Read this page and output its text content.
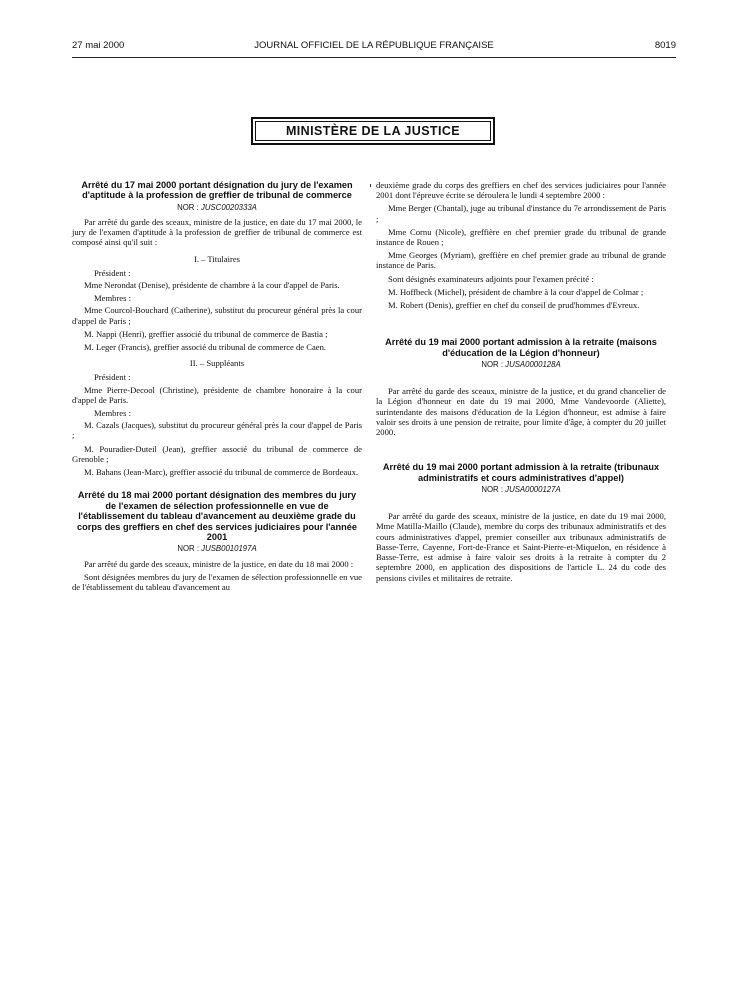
27 mai 2000	JOURNAL OFFICIEL DE LA RÉPUBLIQUE FRANÇAISE	8019
MINISTÈRE DE LA JUSTICE
Arrêté du 17 mai 2000 portant désignation du jury de l'examen d'aptitude à la profession de greffier de tribunal de commerce
NOR : JUSC0020333A

Par arrêté du garde des sceaux, ministre de la justice, en date du 17 mai 2000, le jury de l'examen d'aptitude à la profession de greffier de tribunal de commerce est composé ainsi qu'il suit :

I. – Titulaires

Président :

Mme Nerondat (Denise), présidente de chambre à la cour d'appel de Paris.

Membres :

Mme Courcol-Bouchard (Catherine), substitut du procureur général près la cour d'appel de Paris ;

M. Nappi (Henri), greffier associé du tribunal de commerce de Bastia ;

M. Leger (Francis), greffier associé du tribunal de commerce de Caen.

II. – Suppléants

Président :

Mme Pierre-Decool (Christine), présidente de chambre honoraire à la cour d'appel de Paris.

Membres :

M. Cazals (Jacques), substitut du procureur général près la cour d'appel de Paris ;

M. Pouradier-Duteil (Jean), greffier associé du tribunal de commerce de Grenoble ;

M. Bahans (Jean-Marc), greffier associé du tribunal de commerce de Bordeaux.

Arrêté du 18 mai 2000 portant désignation des membres du jury de l'examen de sélection professionnelle en vue de l'établissement du tableau d'avancement au deuxième grade du corps des greffiers en chef des services judiciaires pour l'année 2001
NOR : JUSB0010197A

Par arrêté du garde des sceaux, ministre de la justice, en date du 18 mai 2000 :

Sont désignées membres du jury de l'examen de sélection professionnelle en vue de l'établissement du tableau d'avancement au

deuxième grade du corps des greffiers en chef des services judiciaires pour l'année 2001 dont l'épreuve écrite se déroulera le lundi 4 septembre 2000 :

Mme Berger (Chantal), juge au tribunal d'instance du 7e arrondissement de Paris ;

Mme Cornu (Nicole), greffière en chef premier grade du tribunal de grande instance de Rouen ;

Mme Georges (Myriam), greffière en chef premier grade au tribunal de grande instance de Paris.

Sont désignés examinateurs adjoints pour l'examen précité :

M. Hoffbeck (Michel), président de chambre à la cour d'appel de Colmar ;

M. Robert (Denis), greffier en chef du conseil de prud'hommes d'Evreux.

Arrêté du 19 mai 2000 portant admission à la retraite (maisons d'éducation de la Légion d'honneur)
NOR : JUSA0000128A

Par arrêté du garde des sceaux, ministre de la justice, et du grand chancelier de la Légion d'honneur en date du 19 mai 2000, Mme Vandevoorde (Aliette), surintendante des maisons d'éducation de la Légion d'honneur, est admise à faire valoir ses droits à une pension de retraite, pour limite d'âge, à compter du 20 juillet 2000.

Arrêté du 19 mai 2000 portant admission à la retraite (tribunaux administratifs et cours administratives d'appel)
NOR : JUSA0000127A

Par arrêté du garde des sceaux, ministre de la justice, en date du 19 mai 2000, Mme Matilla-Maillo (Claude), membre du corps des tribunaux administratifs et des cours administratives d'appel, premier conseiller aux tribunaux administratifs de Basse-Terre, Cayenne, Fort-de-France et Saint-Pierre-et-Miquelon, en résidence à Basse-Terre, est admise à faire valoir ses droits à la retraite à compter du 2 septembre 2000, en application des dispositions de l'article L. 24 du code des pensions civiles et militaires de retraite.
